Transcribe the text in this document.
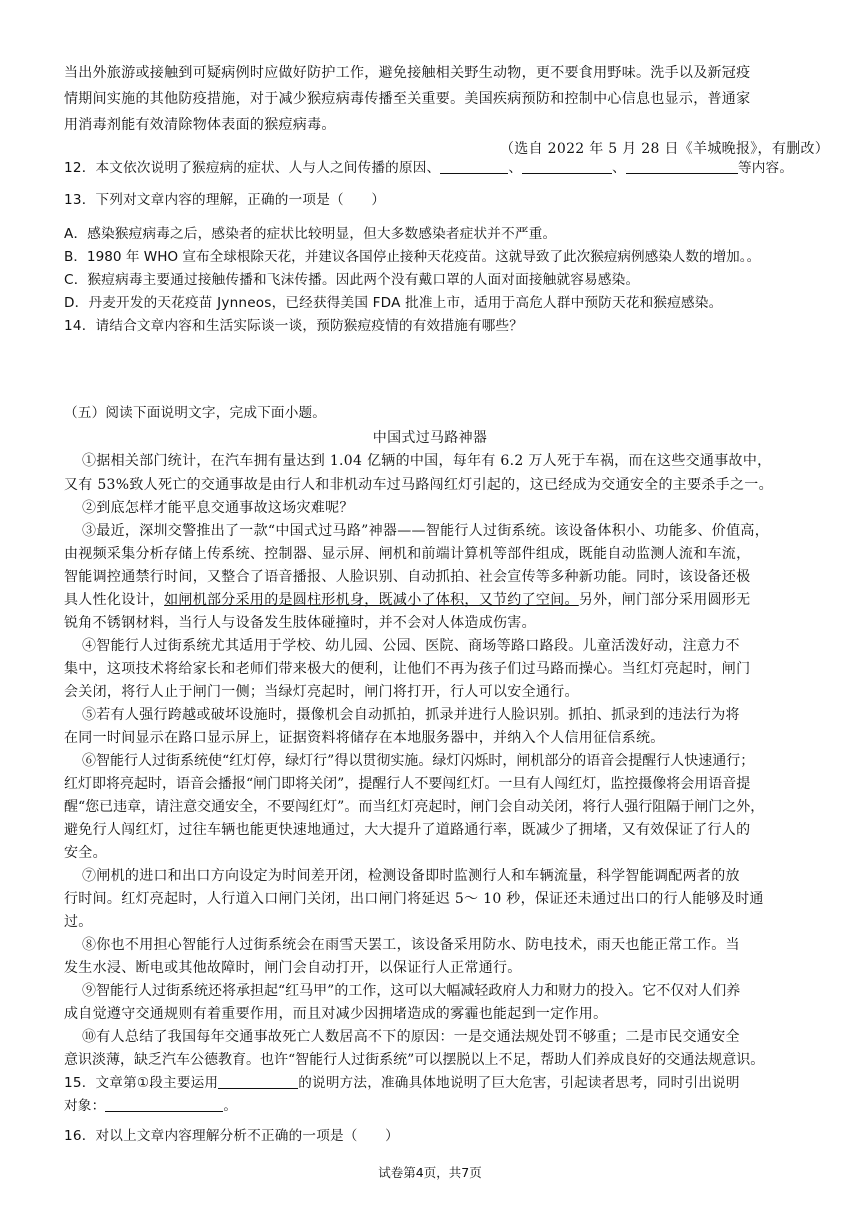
当出外旅游或接触到可疑病例时应做好防护工作，避免接触相关野生动物，更不要食用野味。洗手以及新冠疫
情期间实施的其他防疫措施，对于减少猴痘病毒传播至关重要。美国疾病预防和控制中心信息也显示，普通家
用消毒剂能有效清除物体表面的猴痘病毒。
（选自 2022 年 5 月 28 日《羊城晚报》，有删改）
12．本文依次说明了猴痘病的症状、人与人之间传播的原因、	、	、	等内容。
13．下列对文章内容的理解，正确的一项是（　　）
A．感染猴痘病毒之后，感染者的症状比较明显，但大多数感染者症状并不严重。
B．1980 年 WHO 宣布全球根除天花，并建议各国停止接种天花疫苗。这就导致了此次猴痘病例感染人数的增加。。
C．猴痘病毒主要通过接触传播和飞沫传播。因此两个没有戴口罩的人面对面接触就容易感染。
D．丹麦开发的天花疫苗 Jynneos，已经获得美国 FDA 批准上市，适用于高危人群中预防天花和猴痘感染。
14．请结合文章内容和生活实际谈一谈，预防猴痘疫情的有效措施有哪些？
（五）阅读下面说明文字，完成下面小题。
中国式过马路神器
①据相关部门统计，在汽车拥有量达到 1.04 亿辆的中国，每年有 6.2 万人死于车祸，而在这些交通事故中，
又有 53%致人死亡的交通事故是由行人和非机动车过马路闯红灯引起的，这已经成为交通安全的主要杀手之一。
②到底怎样才能平息交通事故这场灾难呢？
③最近，深圳交警推出了一款“中国式过马路”神器——智能行人过街系统。该设备体积小、功能多、价值高，
由视频采集分析存储上传系统、控制器、显示屏、闸机和前端计算机等部件组成，既能自动监测人流和车流，
智能调控通禁行时间，又整合了语音播报、人脸识别、自动抓拍、社会宣传等多种新功能。同时，该设备还极
具人性化设计，如闸机部分采用的是圆柱形机身，既减小了体积，又节约了空间。另外，闸门部分采用圆形无
锐角不锈钢材料，当行人与设备发生肢体碰撞时，并不会对人体造成伤害。
④智能行人过街系统尤其适用于学校、幼儿园、公园、医院、商场等路口路段。儿童活泼好动，注意力不
集中，这项技术将给家长和老师们带来极大的便利，让他们不再为孩子们过马路而操心。当红灯亮起时，闸门
会关闭，将行人止于闸门一侧；当绿灯亮起时，闸门将打开，行人可以安全通行。
⑤若有人强行跨越或破坏设施时，摄像机会自动抓拍，抓录并进行人脸识别。抓拍、抓录到的违法行为将
在同一时间显示在路口显示屏上，证据资料将储存在本地服务器中，并纳入个人信用征信系统。
⑥智能行人过街系统使“红灯停，绿灯行”得以贯彻实施。绿灯闪烁时，闸机部分的语音会提醒行人快速通行；
红灯即将亮起时，语音会播报“闸门即将关闭”，提醒行人不要闯红灯。一旦有人闯红灯，监控摄像将会用语音提
醒“您已违章，请注意交通安全，不要闯红灯”。而当红灯亮起时，闸门会自动关闭，将行人强行阻隔于闸门之外，
避免行人闯红灯，过往车辆也能更快速地通过，大大提升了道路通行率，既减少了拥堵，又有效保证了行人的
安全。
⑦闸机的进口和出口方向设定为时间差开闭，检测设备即时监测行人和车辆流量，科学智能调配两者的放
行时间。红灯亮起时，人行道入口闸门关闭，出口闸门将延迟 5～ 10 秒，保证还未通过出口的行人能够及时通
过。
⑧你也不用担心智能行人过街系统会在雨雪天罢工，该设备采用防水、防电技术，雨天也能正常工作。当
发生水浸、断电或其他故障时，闸门会自动打开，以保证行人正常通行。
⑨智能行人过街系统还将承担起“红马甲”的工作，这可以大幅减轻政府人力和财力的投入。它不仅对人们养
成自觉遵守交通规则有着重要作用，而且对减少因拥堵造成的雾霾也能起到一定作用。
⑩有人总结了我国每年交通事故死亡人数居高不下的原因：一是交通法规处罚不够重；二是市民交通安全
意识淡薄，缺乏汽车公德教育。也许“智能行人过街系统”可以摆脱以上不足，帮助人们养成良好的交通法规意识。
15．文章第①段主要运用	的说明方法，准确具体地说明了巨大危害，引起读者思考，同时引出说明
对象：	。
16．对以上文章内容理解分析不正确的一项是（　　）
试卷第4页，共7页
